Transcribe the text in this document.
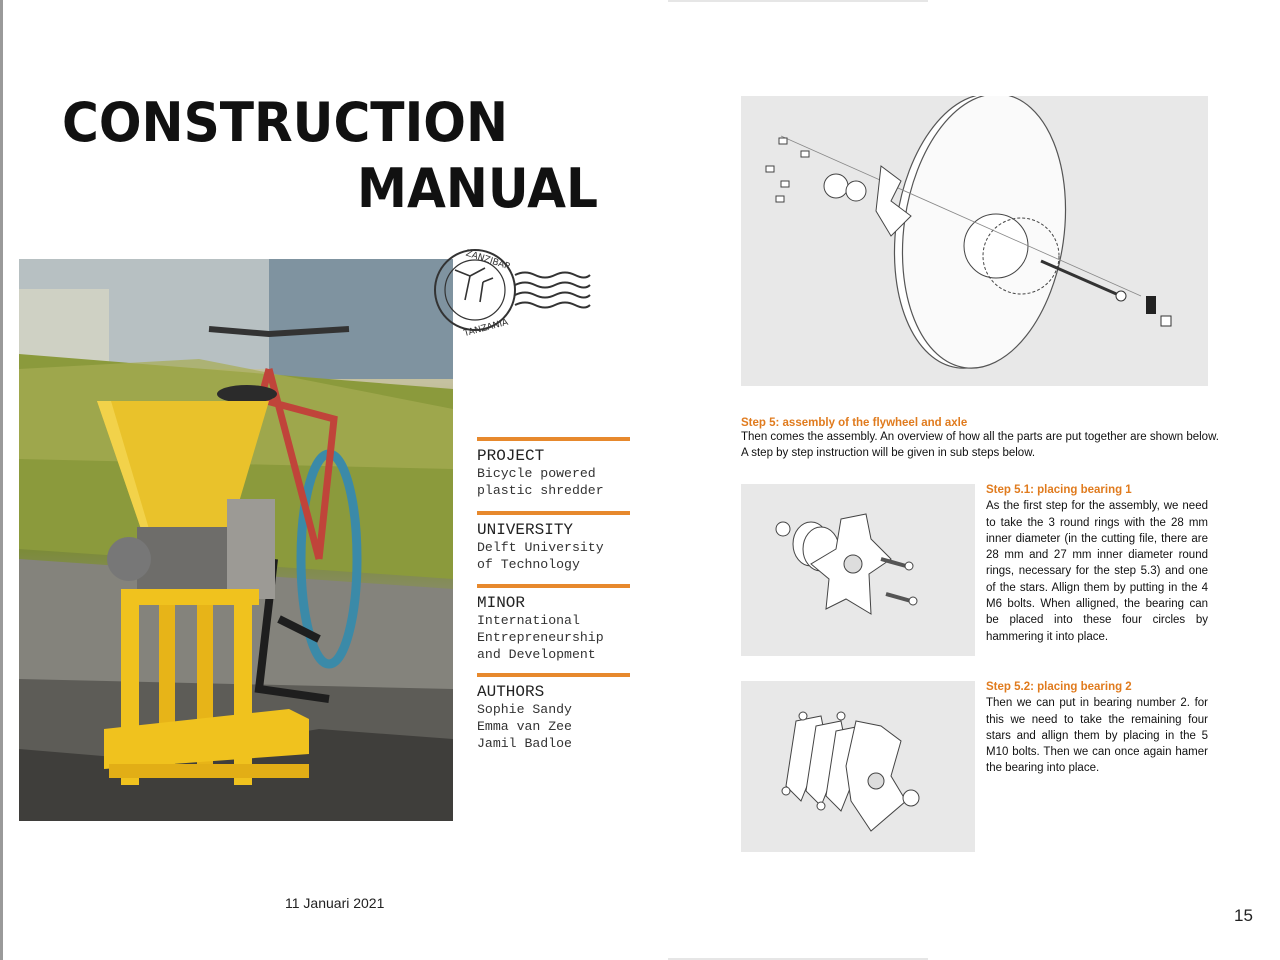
CONSTRUCTION
MANUAL
ZANZIBAR
TANZANIA
PROJECT
Bicycle powered
plastic shredder
UNIVERSITY
Delft University
of Technology
MINOR
International
Entrepreneurship
and Development
AUTHORS
Sophie Sandy
Emma van Zee
Jamil Badloe
11 Januari 2021
15
Step 5: assembly of the flywheel and axle
Then comes the assembly. An overview of how all the parts are put together are shown below.
A step by step instruction will be given in sub steps below.
Step 5.1: placing bearing 1
As the first step for the assembly, we need to take the 3 round rings with the 28 mm inner diameter (in the cutting file, there are 28 mm and 27 mm inner diameter round rings, necessary for the step 5.3) and one of the stars. Allign them by putting in the 4 M6 bolts. When alligned, the bearing can be placed into these four circles by hammering it into place.
Step 5.2: placing bearing 2
Then we can put in bearing number 2. for this we need to take the remaining four stars and allign them by placing in the 5 M10 bolts. Then we can once again hamer the bearing into place.
